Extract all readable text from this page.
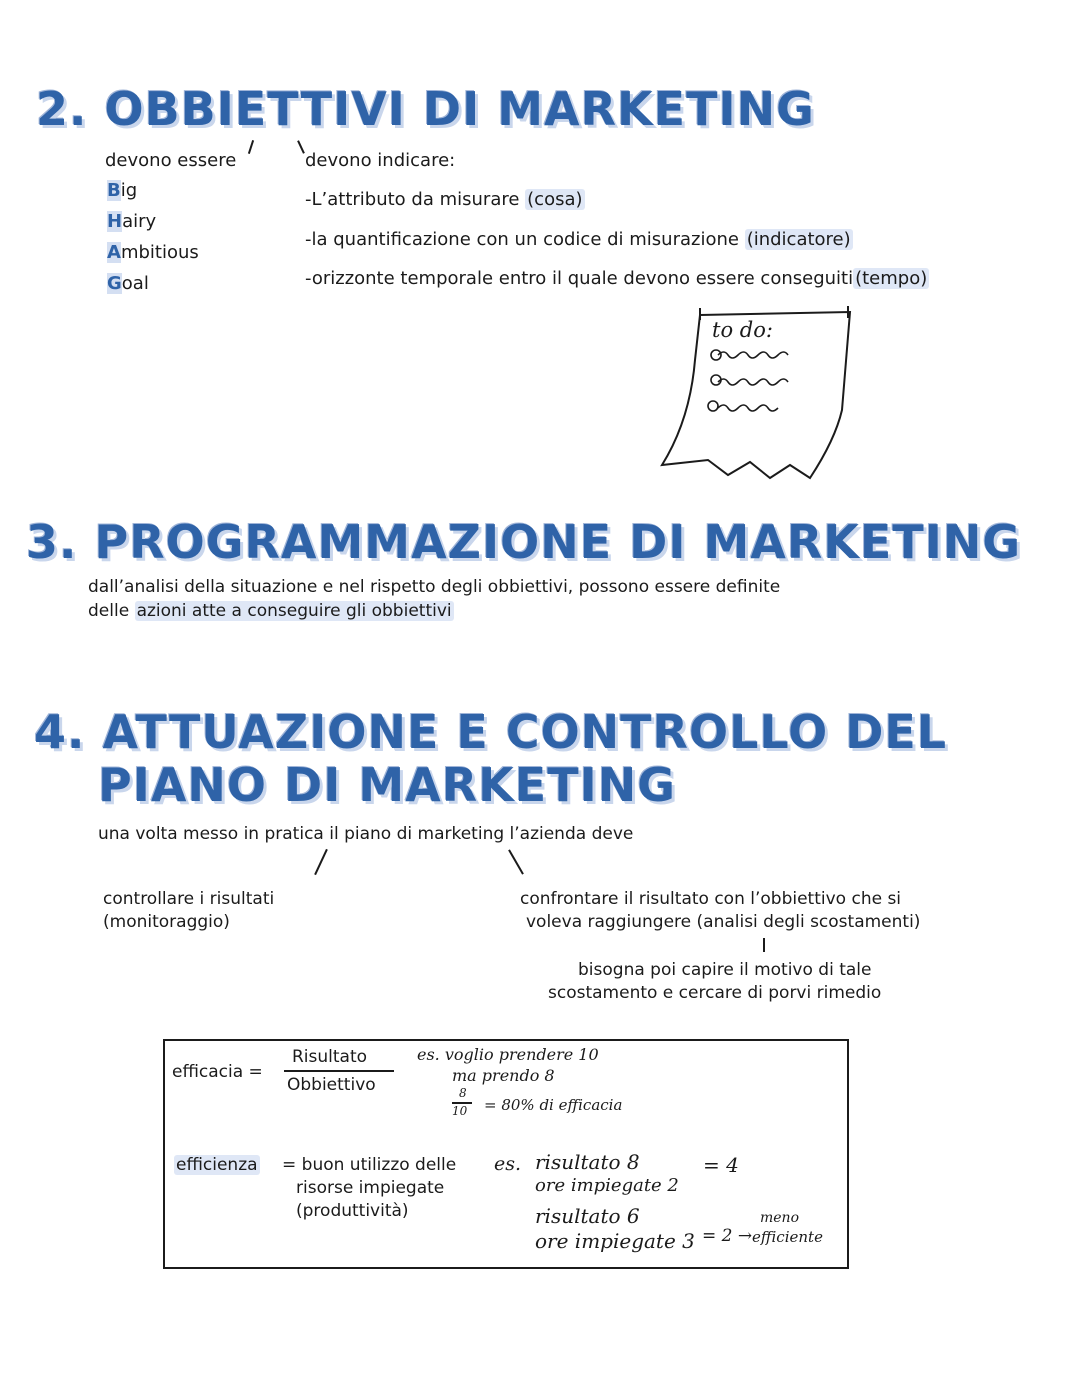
2. OBBIETTIVI DI MARKETING
devono essere
Big
Hairy
Ambitious
Goal
devono indicare:
-L’attributo da misurare (cosa)
-la quantificazione con un codice di misurazione (indicatore)
-orizzonte temporale entro il quale devono essere conseguiti (tempo)
to do:
3. PROGRAMMAZIONE DI MARKETING
dall’analisi della situazione e nel rispetto degli obbiettivi, possono essere definite
delle azioni atte a conseguire gli obbiettivi
4. ATTUAZIONE E CONTROLLO DEL
PIANO DI MARKETING
una volta messo in pratica il piano di marketing l’azienda deve
controllare i risultati
(monitoraggio)
confrontare il risultato con l’obbiettivo che si
voleva raggiungere (analisi degli scostamenti)
bisogna poi capire il motivo di tale
scostamento e cercare di porvi rimedio
efficacia =
Risultato
Obbiettivo
es. voglio prendere 10
ma prendo 8
8
10 = 80% di efficacia
efficienza = buon utilizzo delle
risorse impiegate
(produttività)
es. risultato 8	= 4
ore impiegate 2
risultato 6
ore impiegate 3 = 2 →
meno
efficiente
